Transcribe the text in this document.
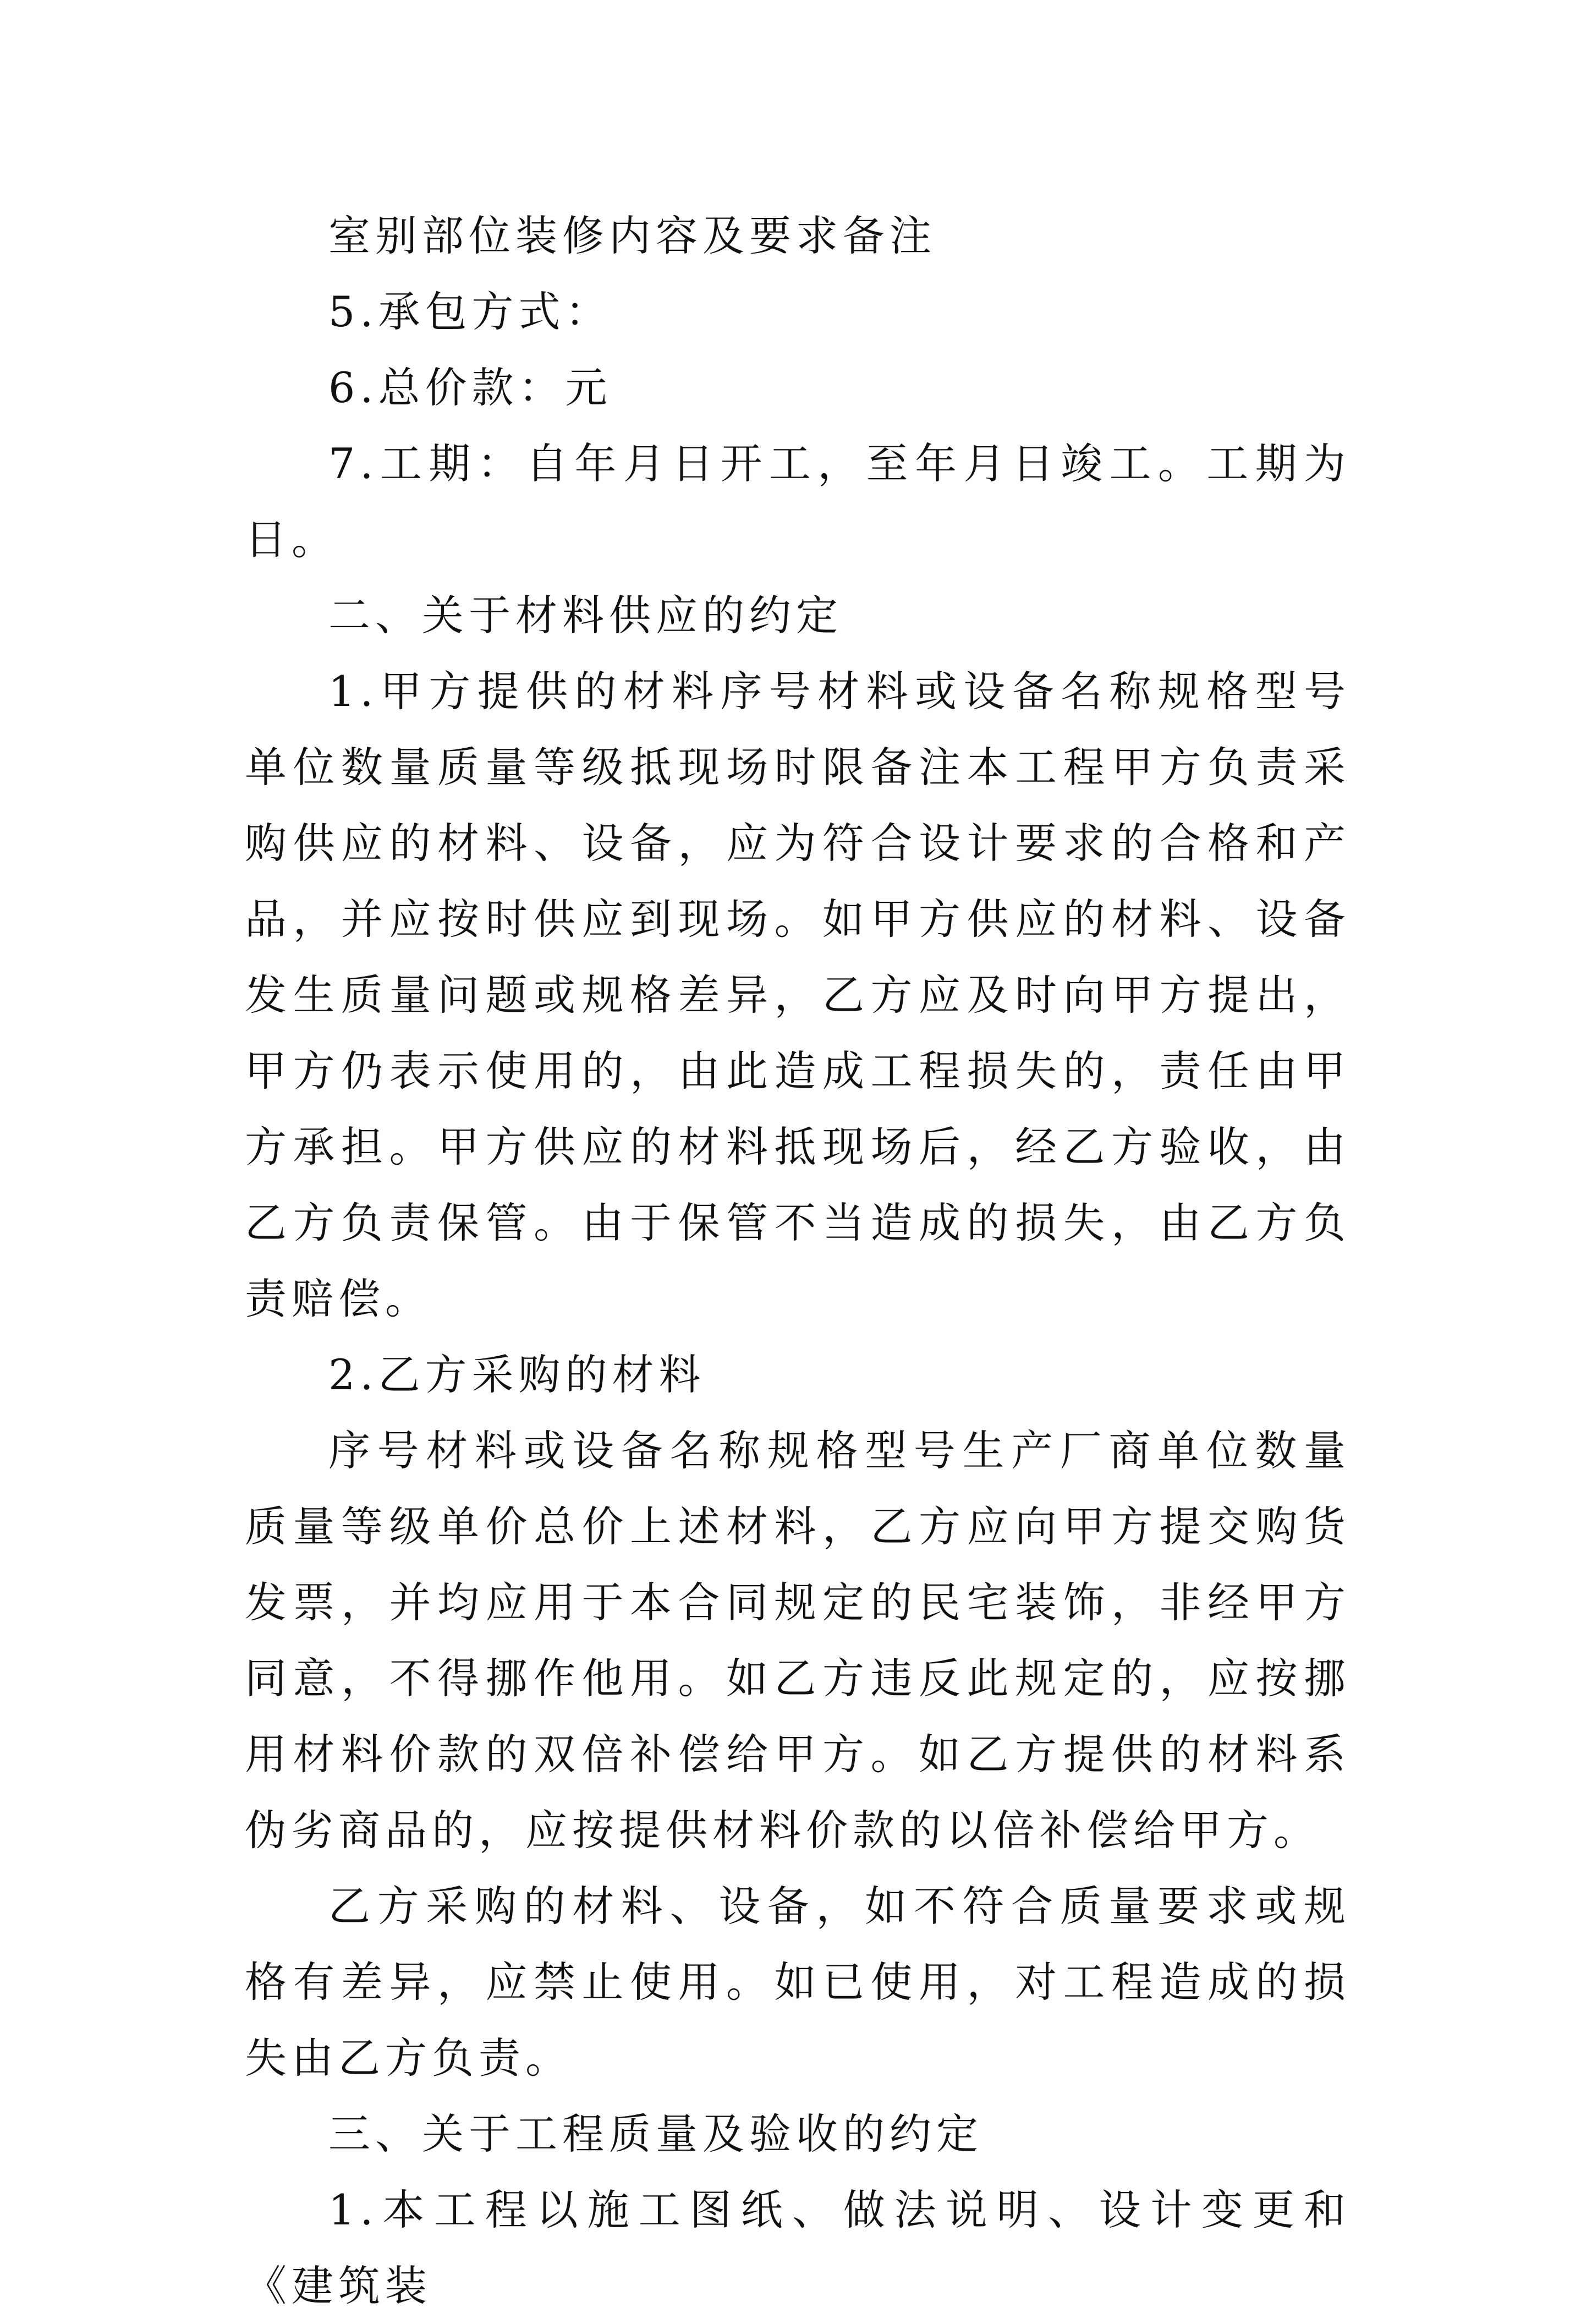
室别部位装修内容及要求备注

5.承包方式：

6.总价款：元

7.工期：自年月日开工，至年月日竣工。工期为日。

二、关于材料供应的约定

1.甲方提供的材料序号材料或设备名称规格型号单位数量质量等级抵现场时限备注本工程甲方负责采购供应的材料、设备，应为符合设计要求的合格和产品，并应按时供应到现场。如甲方供应的材料、设备发生质量问题或规格差异，乙方应及时向甲方提出，甲方仍表示使用的，由此造成工程损失的，责任由甲方承担。甲方供应的材料抵现场后，经乙方验收，由乙方负责保管。由于保管不当造成的损失，由乙方负责赔偿。

2.乙方采购的材料

序号材料或设备名称规格型号生产厂商单位数量质量等级单价总价上述材料，乙方应向甲方提交购货发票，并均应用于本合同规定的民宅装饰，非经甲方同意，不得挪作他用。如乙方违反此规定的，应按挪用材料价款的双倍补偿给甲方。如乙方提供的材料系伪劣商品的，应按提供材料价款的以倍补偿给甲方。

乙方采购的材料、设备，如不符合质量要求或规格有差异，应禁止使用。如已使用，对工程造成的损失由乙方负责。

三、关于工程质量及验收的约定

1.本工程以施工图纸、做法说明、设计变更和《建筑装
